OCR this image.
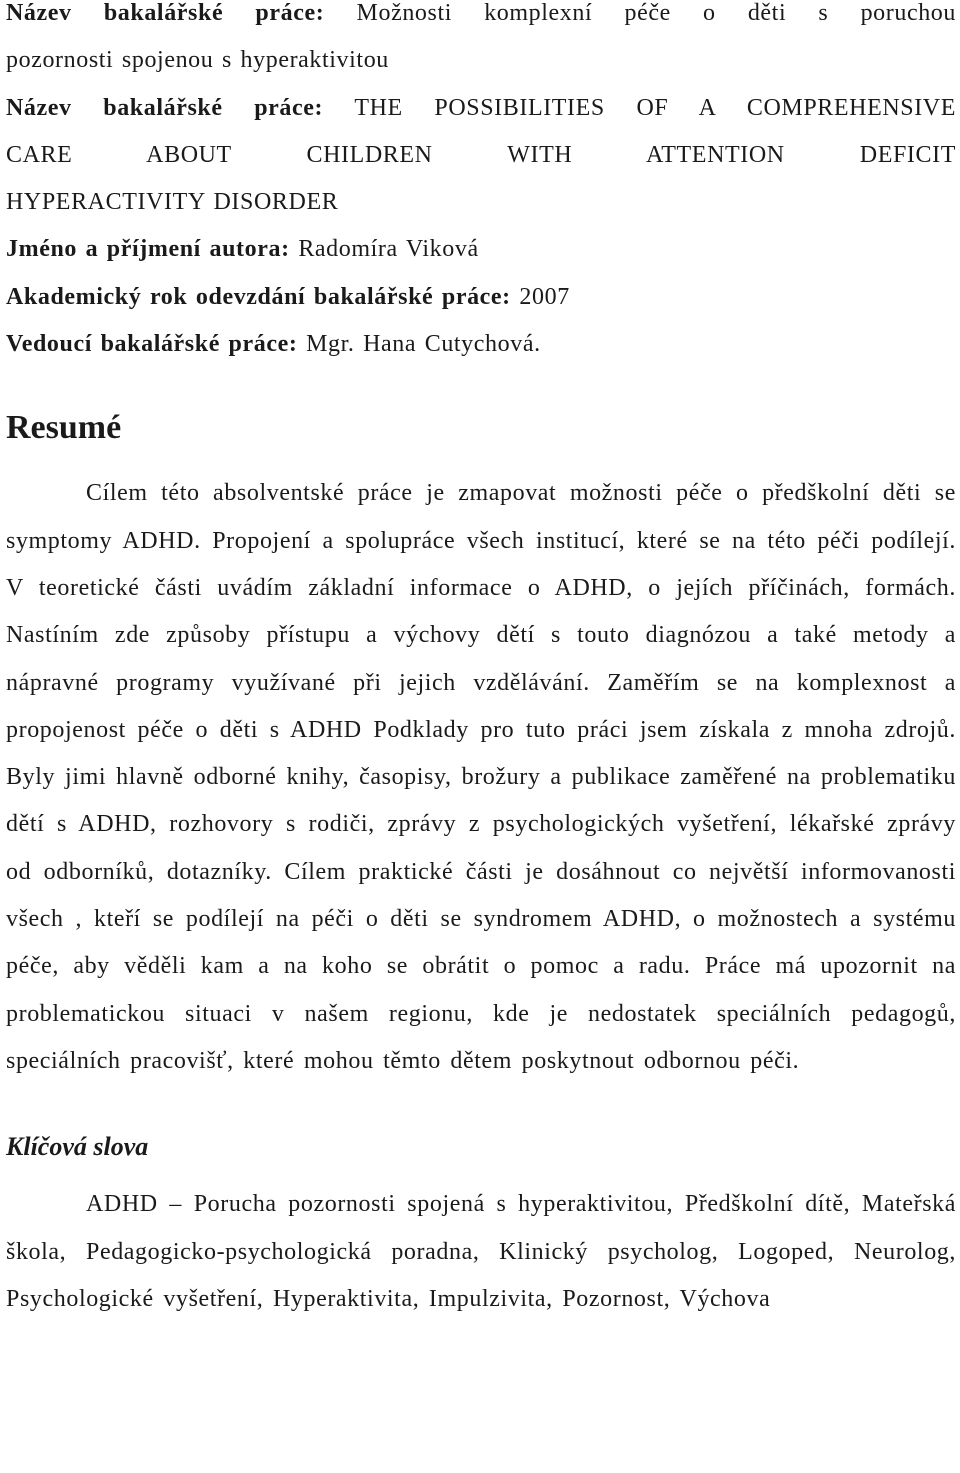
Název bakalářské práce: Možnosti komplexní péče o děti s poruchou
pozornosti spojenou s hyperaktivitou
Název bakalářské práce: THE POSSIBILITIES OF A COMPREHENSIVE
CARE ABOUT CHILDREN WITH ATTENTION DEFICIT
HYPERACTIVITY DISORDER
Jméno a příjmení autora: Radomíra Viková
Akademický rok odevzdání bakalářské práce: 2007
Vedoucí bakalářské práce: Mgr. Hana Cutychová.
Resumé

Cílem této absolventské práce je zmapovat možnosti péče o předškolní děti se symptomy ADHD. Propojení a spolupráce všech institucí, které se na této péči podílejí. V teoretické části uvádím základní informace o ADHD, o jejích příčinách, formách. Nastíním zde způsoby přístupu a výchovy dětí s touto diagnózou a také metody a nápravné programy využívané při jejich vzdělávání. Zaměřím se na komplexnost a propojenost péče o děti s ADHD Podklady pro tuto práci jsem získala z mnoha zdrojů. Byly jimi hlavně odborné knihy, časopisy, brožury a publikace zaměřené na problematiku dětí s ADHD, rozhovory s rodiči, zprávy z psychologických vyšetření, lékařské zprávy od odborníků, dotazníky. Cílem praktické části je dosáhnout co největší informovanosti všech , kteří se podílejí na péči o děti se syndromem ADHD, o možnostech a systému péče, aby věděli kam a na koho se obrátit o pomoc a radu. Práce má upozornit na problematickou situaci v našem regionu, kde je nedostatek speciálních pedagogů, speciálních pracovišť, které mohou těmto dětem poskytnout odbornou péči.

Klíčová slova

ADHD – Porucha pozornosti spojená s hyperaktivitou, Předškolní dítě, Mateřská škola, Pedagogicko-psychologická poradna, Klinický psycholog, Logoped, Neurolog, Psychologické vyšetření, Hyperaktivita, Impulzivita, Pozornost, Výchova
